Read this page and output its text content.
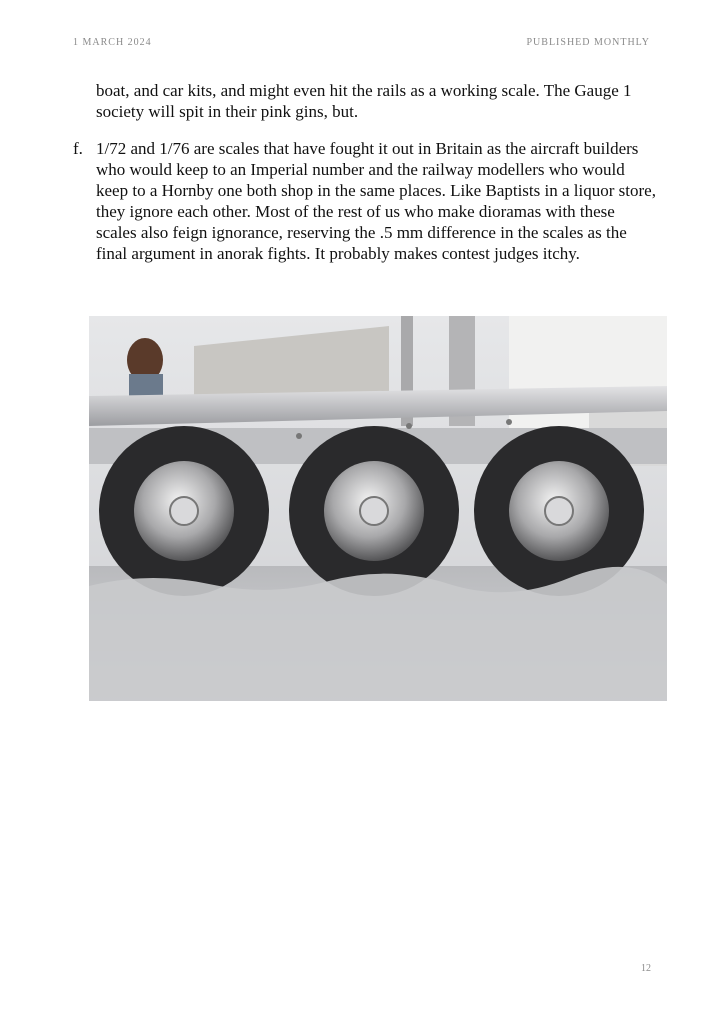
1 MARCH 2024	PUBLISHED MONTHLY
boat, and car kits, and might even hit the rails as a working scale. The Gauge 1 society will spit in their pink gins, but.
f. 1/72 and 1/76 are scales that have fought it out in Britain as the aircraft builders who would keep to an Imperial number and the railway modellers who would keep to a Hornby one both shop in the same places. Like Baptists in a liquor store, they ignore each other. Most of the rest of us who make dioramas with these scales also feign ignorance, reserving the .5 mm difference in the scales as the final argument in anorak fights. It probably makes contest judges itchy.
12
